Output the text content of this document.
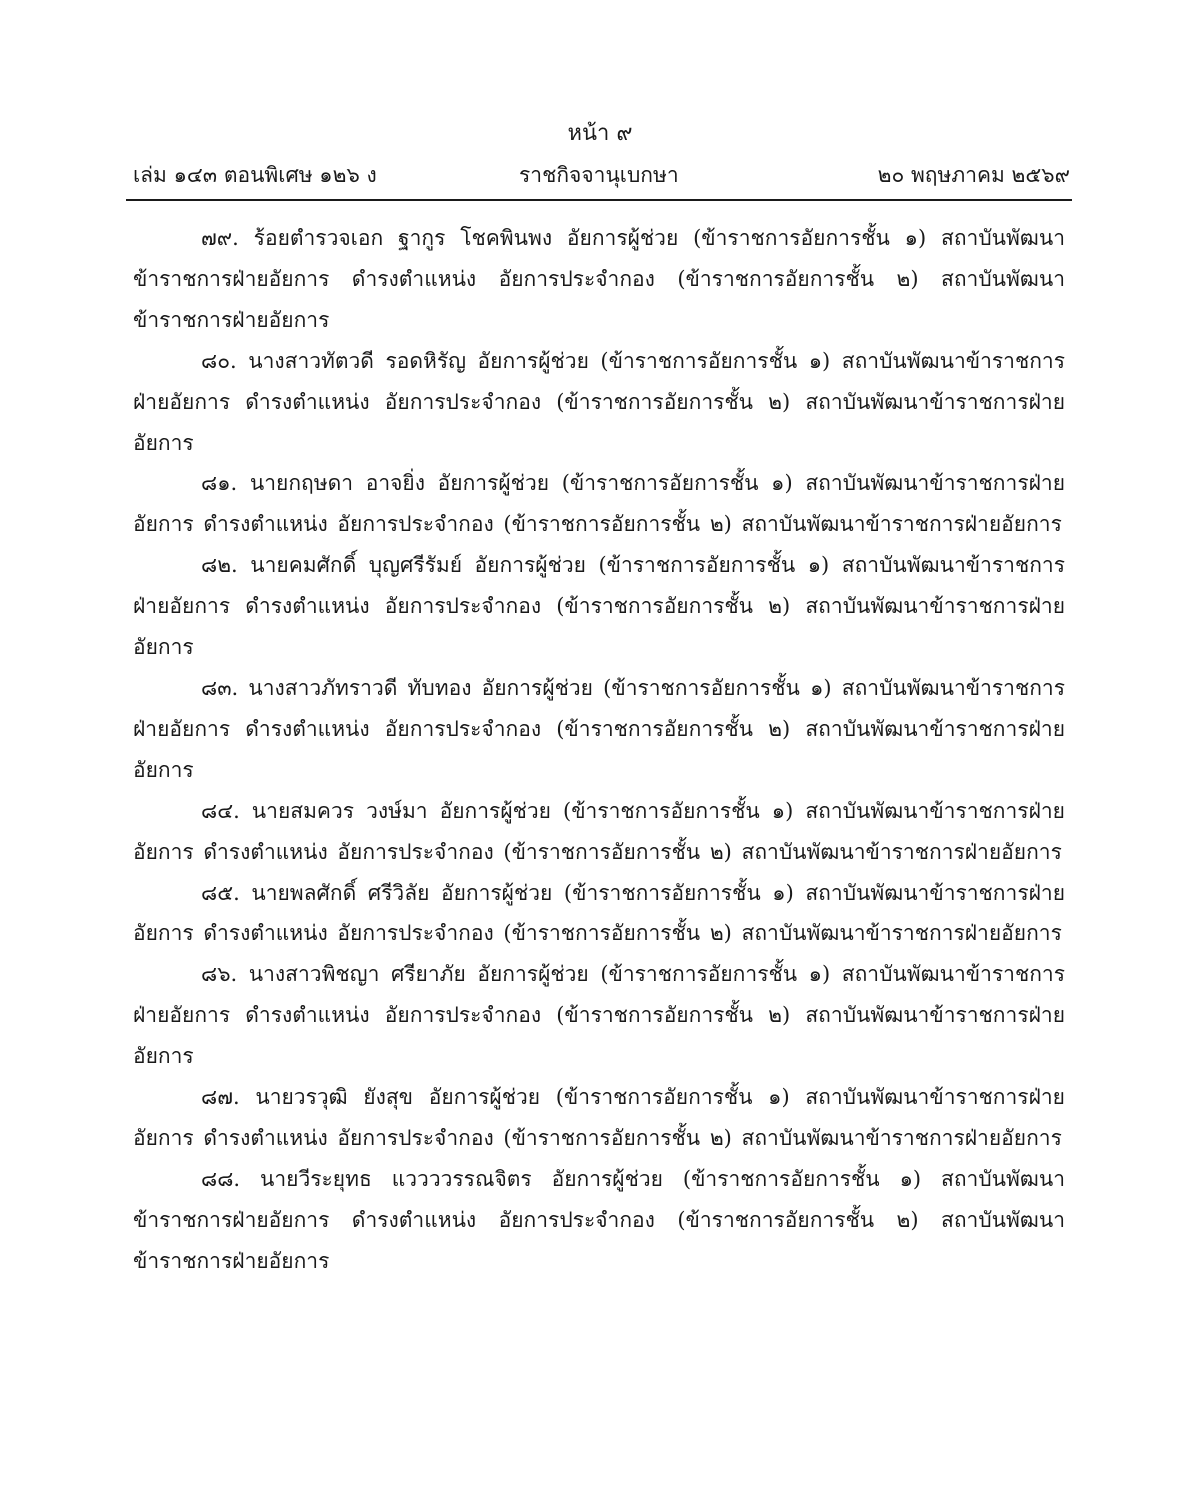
หน้า ๙
เล่ม ๑๔๓ ตอนพิเศษ ๑๒๖ ง	ราชกิจจานุเบกษา	๒๐ พฤษภาคม ๒๕๖๙

๗๙. ร้อยตำรวจเอก ฐากูร โชคพินพง อัยการผู้ช่วย (ข้าราชการอัยการชั้น ๑) สถาบันพัฒนาข้าราชการฝ่ายอัยการ ดำรงตำแหน่ง อัยการประจำกอง (ข้าราชการอัยการชั้น ๒) สถาบันพัฒนาข้าราชการฝ่ายอัยการ

๘๐. นางสาวทัตวดี รอดหิรัญ อัยการผู้ช่วย (ข้าราชการอัยการชั้น ๑) สถาบันพัฒนาข้าราชการฝ่ายอัยการ ดำรงตำแหน่ง อัยการประจำกอง (ข้าราชการอัยการชั้น ๒) สถาบันพัฒนาข้าราชการฝ่ายอัยการ

๘๑. นายกฤษดา อาจยิ่ง อัยการผู้ช่วย (ข้าราชการอัยการชั้น ๑) สถาบันพัฒนาข้าราชการฝ่ายอัยการ ดำรงตำแหน่ง อัยการประจำกอง (ข้าราชการอัยการชั้น ๒) สถาบันพัฒนาข้าราชการฝ่ายอัยการ

๘๒. นายคมศักดิ์ บุญศรีรัมย์ อัยการผู้ช่วย (ข้าราชการอัยการชั้น ๑) สถาบันพัฒนาข้าราชการฝ่ายอัยการ ดำรงตำแหน่ง อัยการประจำกอง (ข้าราชการอัยการชั้น ๒) สถาบันพัฒนาข้าราชการฝ่ายอัยการ

๘๓. นางสาวภัทราวดี ทับทอง อัยการผู้ช่วย (ข้าราชการอัยการชั้น ๑) สถาบันพัฒนาข้าราชการฝ่ายอัยการ ดำรงตำแหน่ง อัยการประจำกอง (ข้าราชการอัยการชั้น ๒) สถาบันพัฒนาข้าราชการฝ่ายอัยการ

๘๔. นายสมควร วงษ์มา อัยการผู้ช่วย (ข้าราชการอัยการชั้น ๑) สถาบันพัฒนาข้าราชการฝ่ายอัยการ ดำรงตำแหน่ง อัยการประจำกอง (ข้าราชการอัยการชั้น ๒) สถาบันพัฒนาข้าราชการฝ่ายอัยการ

๘๕. นายพลศักดิ์ ศรีวิลัย อัยการผู้ช่วย (ข้าราชการอัยการชั้น ๑) สถาบันพัฒนาข้าราชการฝ่ายอัยการ ดำรงตำแหน่ง อัยการประจำกอง (ข้าราชการอัยการชั้น ๒) สถาบันพัฒนาข้าราชการฝ่ายอัยการ

๘๖. นางสาวพิชญา ศรียาภัย อัยการผู้ช่วย (ข้าราชการอัยการชั้น ๑) สถาบันพัฒนาข้าราชการฝ่ายอัยการ ดำรงตำแหน่ง อัยการประจำกอง (ข้าราชการอัยการชั้น ๒) สถาบันพัฒนาข้าราชการฝ่ายอัยการ

๘๗. นายวรวุฒิ ยังสุข อัยการผู้ช่วย (ข้าราชการอัยการชั้น ๑) สถาบันพัฒนาข้าราชการฝ่ายอัยการ ดำรงตำแหน่ง อัยการประจำกอง (ข้าราชการอัยการชั้น ๒) สถาบันพัฒนาข้าราชการฝ่ายอัยการ

๘๘. นายวีระยุทธ แววววรรณจิตร อัยการผู้ช่วย (ข้าราชการอัยการชั้น ๑) สถาบันพัฒนาข้าราชการฝ่ายอัยการ ดำรงตำแหน่ง อัยการประจำกอง (ข้าราชการอัยการชั้น ๒) สถาบันพัฒนาข้าราชการฝ่ายอัยการ
